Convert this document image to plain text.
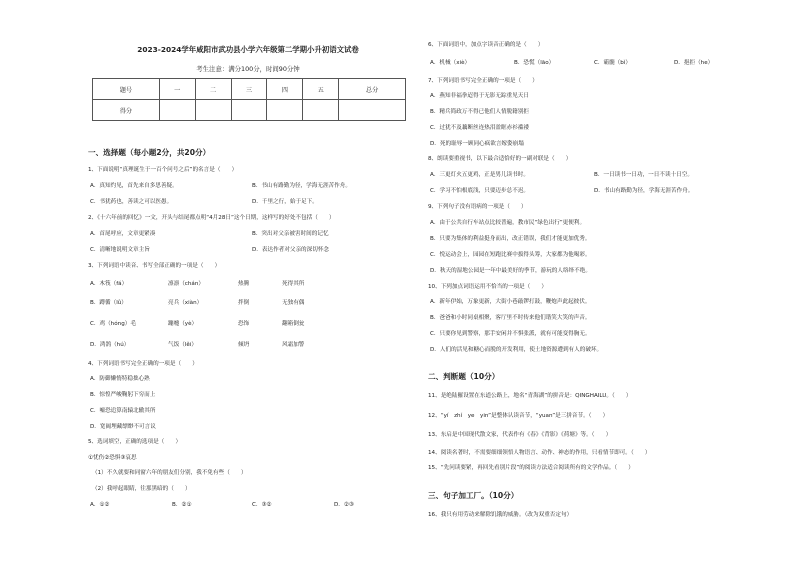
2023-2024学年咸阳市武功县小学六年级第二学期小升初语文试卷
考生注意：满分100分，时间90分钟
题号	一	二	三	四	五	总分
得分						
一、选择题（每小题2分，共20分）
1、下面说明“真理诞生于一百个问号之后”的名言是（　　）
A．真知灼见，首先来自多思善疑。	B．书山有路勤为径，学海无涯苦作舟。
C．书犹药也，善读之可以医愚。	D．千里之行，始于足下。
2、《十六年前的回忆》一文，开头与结尾都点明“4月28日”这个日期，这样写的好处不包括（　　）
A．首尾呼应，文章更紧凑	B．突出对父亲被害时间的记忆
C．清晰地说明文章主旨	D．表达作者对父亲的深切怀念
3、下列词语中读音、书写全部正确的一项是（　　）
A．木筏（fá）	凛凛（chán）	热腾	死得其所
B．蹲循（lǜ）	亮兵（xiàn）	拌倒	无独有偶
C．鸡（hóng）毛	蹦嚏（yè）	恐饰	翻箱倒瓮
D．鸿鹄（hú）	气饭（lěi）	倾坍	风霜加警
4、下列词语书写完全正确的一项是（　　）
A．防御懒惰特稳拙心熟
B．惊惶严峻鞠躬下穷而上
C．嘘恐追算南辕北辙其所
D．宽阔埋藏缥缈不可言议
5、选词填空，正确的选项是（　　）
①忧伤②恐惧③哀思
（1）不久就要和同窗六年的朋友们分别，我不免有些（　　）
（2）我呼起眼睛，往那黑暗的（　　）
A．①②	B．②①	C．③②	D．②③
6、下面词语中，加点字读音正确的是（　　）
A．机械（xiè）	B．恐慌（lāo）	C．霸髓（bì）	D．挹拒（he）
7、下列词语书写完全正确的一项是（　　）
A．燕知非福拳迢得于无影无踪重见天日
B．精兵简政万不得已他们人情脱籍别拒
C．过犹不及藕断丝连热泪盈眶赤衫褴褛
D．死的耻辱一顾同心疯欲言嫁姿崩塌
8、朗读要重视书，以下最合适恰好的一副对联是（　　）
A．三更灯火五更鸡，正是男儿读书时。	B．一日读书一日功，一日不读十日空。
C．学习不怕根底浅，只要迈步总不迟。	D．书山有路勤为径，学海无涯苦作舟。
9、下列句子没有语病的一项是（　　）
A．由于公共自行车站点比较普遍，教市民“绿色出行”更便利。
B．只要为集体的利益挺身而出，改正错误，我们才能更加优秀。
C．悦运动会上，园园在短跑比赛中拔得头筹，大家都为他喝彩。
D．秋天的湿地公园是一年中最美好的季节，游玩的人络绎不绝。
10、下列加点词语运用不恰当的一项是（　　）
A．新年伊始，万象更新，大街小巷敲锣打鼓，鞭炮声此起彼伏。
B．爸爸和小时同桌相聚，客厅里不时传来他们谐笑大笑的声音。
C．只要你见到警察，那手安闲并不惧张派，就有可能变得胸无。
D．人们的活见和糖心而脱的开发利用，使土地资源遭到有人的破坏。
二、判断题（10分）
11、是绝陆羅设置在东道公路上，地名“青海湖”的拼音是：QINGHAILU。（　　）
12、“yí　zhí　ye　yin”是整体认读音节，“yuan”是三拼音节。（　　）
13、东启是中国现代散文家，代表作有《春》《背影》《荷塘》等。（　　）
14、阅读名著时，不需要细细领悟人物语言、动作、神态的作用，只看情节即可。（　　）
15、“先问读要紧，再回先看别片段”的阅读方法适合阅读所有的文学作品。（　　）
三、句子加工厂。（10分）
16、我只有用劳动来解除饥饿的威胁。（改为双重否定句）
